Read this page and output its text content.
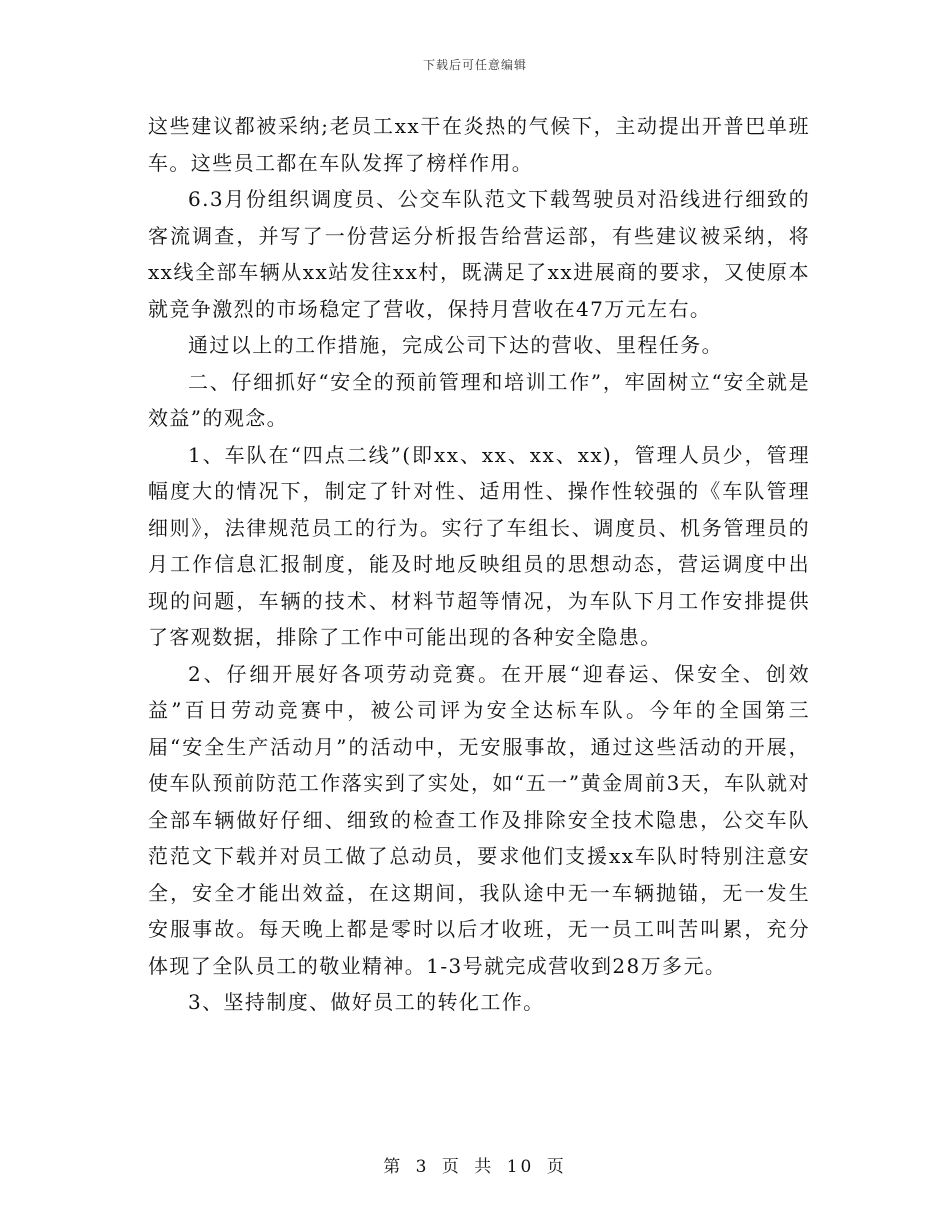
下载后可任意编辑

这些建议都被采纳;老员工xx干在炎热的气候下，主动提出开普巴单班车。这些员工都在车队发挥了榜样作用。

6.3月份组织调度员、公交车队范文下载驾驶员对沿线进行细致的客流调查，并写了一份营运分析报告给营运部，有些建议被采纳，将xx线全部车辆从xx站发往xx村，既满足了xx进展商的要求，又使原本就竞争激烈的市场稳定了营收，保持月营收在47万元左右。

通过以上的工作措施，完成公司下达的营收、里程任务。

二、仔细抓好“安全的预前管理和培训工作”，牢固树立“安全就是效益”的观念。

1、车队在“四点二线”(即xx、xx、xx、xx)，管理人员少，管理幅度大的情况下，制定了针对性、适用性、操作性较强的《车队管理细则》，法律规范员工的行为。实行了车组长、调度员、机务管理员的月工作信息汇报制度，能及时地反映组员的思想动态，营运调度中出现的问题，车辆的技术、材料节超等情况，为车队下月工作安排提供了客观数据，排除了工作中可能出现的各种安全隐患。

2、仔细开展好各项劳动竞赛。在开展“迎春运、保安全、创效益”百日劳动竞赛中，被公司评为安全达标车队。今年的全国第三届“安全生产活动月”的活动中，无安服事故，通过这些活动的开展，使车队预前防范工作落实到了实处，如“五一”黄金周前3天，车队就对全部车辆做好仔细、细致的检查工作及排除安全技术隐患，公交车队范范文下载并对员工做了总动员，要求他们支援xx车队时特别注意安全，安全才能出效益，在这期间，我队途中无一车辆抛锚，无一发生安服事故。每天晚上都是零时以后才收班，无一员工叫苦叫累，充分体现了全队员工的敬业精神。1-3号就完成营收到28万多元。

3、坚持制度、做好员工的转化工作。

第 3 页 共 10 页
